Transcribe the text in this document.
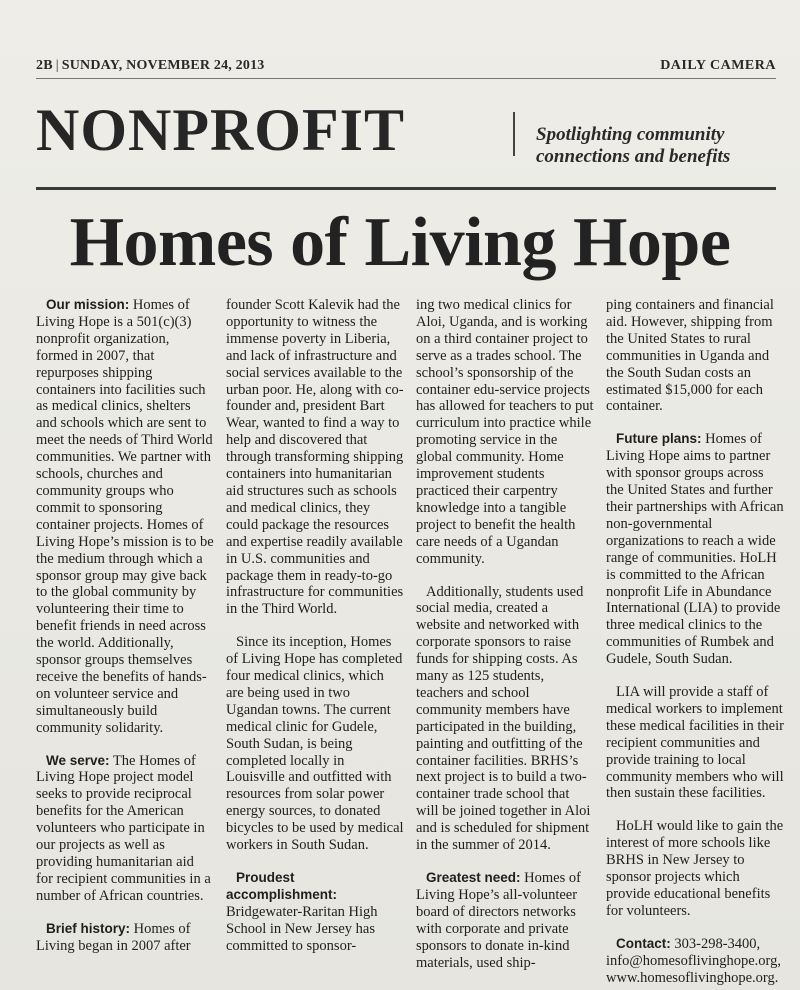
2B | SUNDAY, NOVEMBER 24, 2013	DAILY CAMERA
NONPROFIT	Spotlighting community connections and benefits
Homes of Living Hope

Our mission: Homes of Living Hope is a 501(c)(3) nonprofit organization, formed in 2007, that repurposes shipping containers into facilities such as medical clinics, shelters and schools which are sent to meet the needs of Third World communities. We partner with schools, churches and community groups who commit to sponsoring container projects. Homes of Living Hope’s mission is to be the medium through which a sponsor group may give back to the global community by volunteering their time to benefit friends in need across the world. Additionally, sponsor groups themselves receive the benefits of hands-on volunteer service and simultaneously build community solidarity.

We serve: The Homes of Living Hope project model seeks to provide reciprocal benefits for the American volunteers who participate in our projects as well as providing humanitarian aid for recipient communities in a number of African countries.

Brief history: Homes of Living began in 2007 after

founder Scott Kalevik had the opportunity to witness the immense poverty in Liberia, and lack of infrastructure and social services available to the urban poor. He, along with co-founder and, president Bart Wear, wanted to find a way to help and discovered that through transforming shipping containers into humanitarian aid structures such as schools and medical clinics, they could package the resources and expertise readily available in U.S. communities and package them in ready-to-go infrastructure for communities in the Third World.

Since its inception, Homes of Living Hope has completed four medical clinics, which are being used in two Ugandan towns. The current medical clinic for Gudele, South Sudan, is being completed locally in Louisville and outfitted with resources from solar power energy sources, to donated bicycles to be used by medical workers in South Sudan.

Proudest accomplishment: Bridgewater-Raritan High School in New Jersey has committed to sponsor-

ing two medical clinics for Aloi, Uganda, and is working on a third container project to serve as a trades school. The school’s sponsorship of the container edu-service projects has allowed for teachers to put curriculum into practice while promoting service in the global community. Home improvement students practiced their carpentry knowledge into a tangible project to benefit the health care needs of a Ugandan community.

Additionally, students used social media, created a website and networked with corporate sponsors to raise funds for shipping costs. As many as 125 students, teachers and school community members have participated in the building, painting and outfitting of the container facilities. BRHS’s next project is to build a two-container trade school that will be joined together in Aloi and is scheduled for shipment in the summer of 2014.

Greatest need: Homes of Living Hope’s all-volunteer board of directors networks with corporate and private sponsors to donate in-kind materials, used ship-

ping containers and financial aid. However, shipping from the United States to rural communities in Uganda and the South Sudan costs an estimated $15,000 for each container.

Future plans: Homes of Living Hope aims to partner with sponsor groups across the United States and further their partnerships with African non-governmental organizations to reach a wide range of communities. HoLH is committed to the African nonprofit Life in Abundance International (LIA) to provide three medical clinics to the communities of Rumbek and Gudele, South Sudan.

LIA will provide a staff of medical workers to implement these medical facilities in their recipient communities and provide training to local community members who will then sustain these facilities.

HoLH would like to gain the interest of more schools like BRHS in New Jersey to sponsor projects which provide educational benefits for volunteers.

Contact: 303-298-3400, info@homesoflivinghope.org, www.homesoflivinghope.org.
